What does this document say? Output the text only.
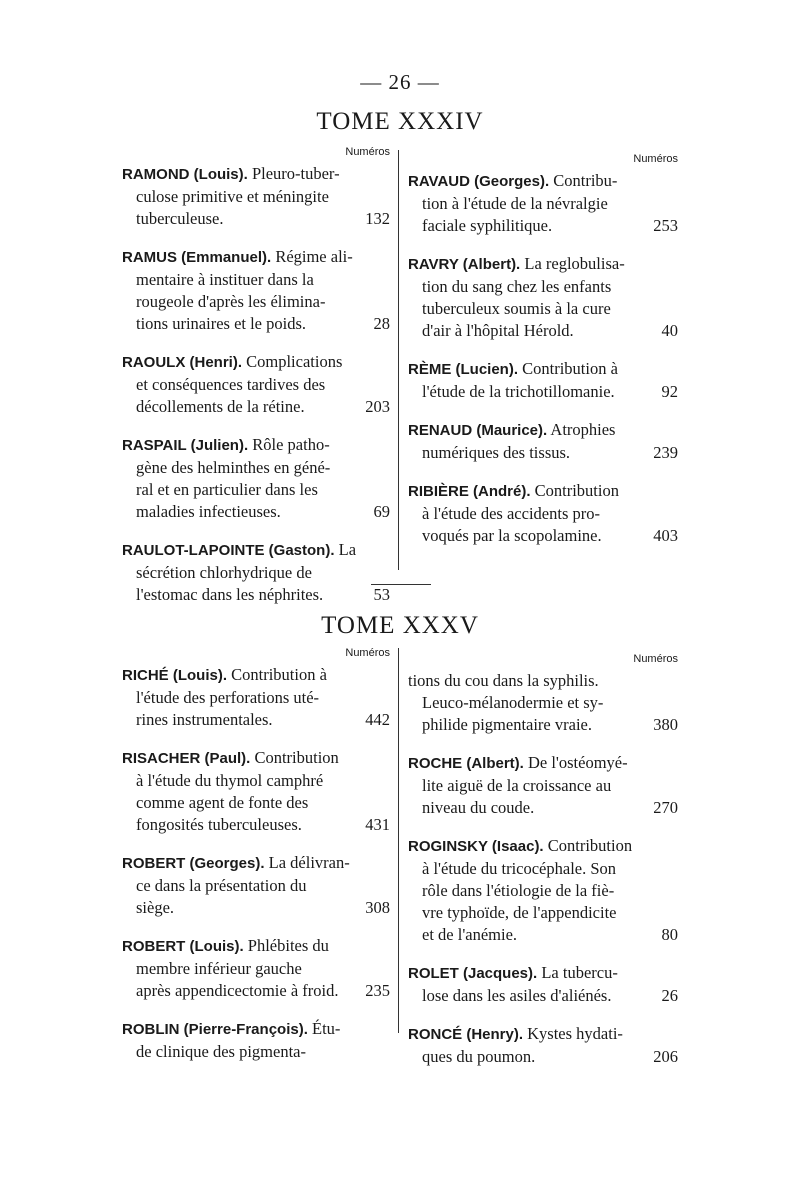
— 26 —
TOME XXXIV
Numéros
RAMOND (Louis). Pleuro-tuber-
culose primitive et méningite
132
tuberculeuse.
RAMUS (Emmanuel). Régime ali-
mentaire à instituer dans la
rougeole d'après les élimina-
28
tions urinaires et le poids.
RAOULX (Henri). Complications
et conséquences tardives des
203
décollements de la rétine.
RASPAIL (Julien). Rôle patho-
gène des helminthes en géné-
ral et en particulier dans les
69
maladies infectieuses.
RAULOT-LAPOINTE (Gaston). La
sécrétion chlorhydrique de
53
l'estomac dans les néphrites.
Numéros
RAVAUD (Georges). Contribu-
tion à l'étude de la névralgie
253
faciale syphilitique.
RAVRY (Albert). La reglobulisa-
tion du sang chez les enfants
tuberculeux soumis à la cure
40
d'air à l'hôpital Hérold.
RÈME (Lucien). Contribution à
92
l'étude de la trichotillomanie.
RENAUD (Maurice). Atrophies
239
numériques des tissus.
RIBIÈRE (André). Contribution
à l'étude des accidents pro-
403
voqués par la scopolamine.
TOME XXXV
Numéros
RICHÉ (Louis). Contribution à
l'étude des perforations uté-
442
rines instrumentales.
RISACHER (Paul). Contribution
à l'étude du thymol camphré
comme agent de fonte des
431
fongosités tuberculeuses.
ROBERT (Georges). La délivran-
ce dans la présentation du
308
siège.
ROBERT (Louis). Phlébites du
membre inférieur gauche
235
après appendicectomie à froid.
ROBLIN (Pierre-François). Étu-
de clinique des pigmenta-
Numéros
tions du cou dans la syphilis.
Leuco-mélanodermie et sy-
380
philide pigmentaire vraie.
ROCHE (Albert). De l'ostéomyé-
lite aiguë de la croissance au
270
niveau du coude.
ROGINSKY (Isaac). Contribution
à l'étude du tricocéphale. Son
rôle dans l'étiologie de la fiè-
vre typhoïde, de l'appendicite
80
et de l'anémie.
ROLET (Jacques). La tubercu-
26
lose dans les asiles d'aliénés.
RONCÉ (Henry). Kystes hydati-
206
ques du poumon.
